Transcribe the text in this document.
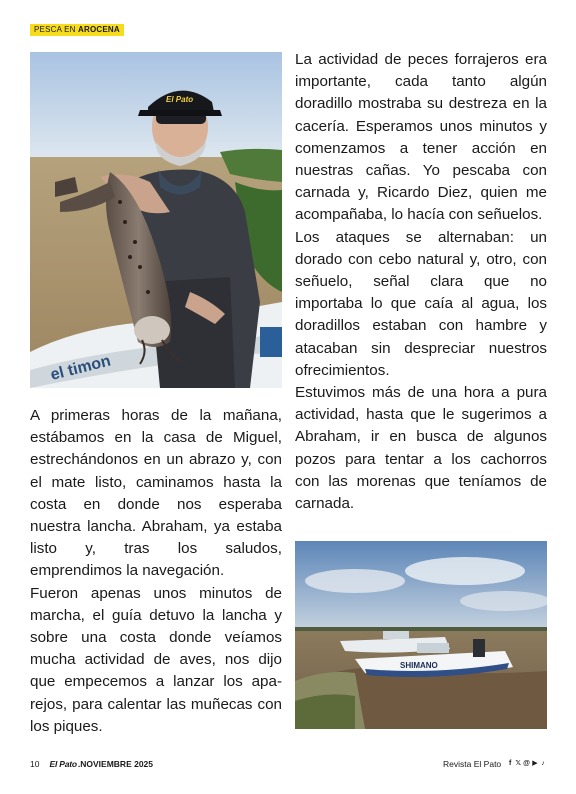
PESCA EN AROCENA
el timon
El Pato

A primeras horas de la mañana, estábamos en la casa de Miguel, estrechándonos en un abrazo y, con el mate listo, caminamos hasta la costa en donde nos esperaba nuestra lancha. Abraham, ya estaba listo y, tras los saludos, emprendimos la navegación.

Fueron apenas unos minutos de marcha, el guía detuvo la lancha y sobre una costa donde veíamos mucha actividad de aves, nos dijo que empecemos a lanzar los aparejos, para calentar las muñecas con los piques.

La actividad de peces forrajeros era importante, cada tanto algún doradillo mostraba su destreza en la cacería. Esperamos unos minutos y comenzamos a tener acción en nuestras cañas. Yo pescaba con carnada y, Ricardo Diez, quien me acompañaba, lo hacía con señuelos.

Los ataques se alternaban: un dorado con cebo natural y, otro, con señuelo, señal clara que no importaba lo que caía al agua, los doradillos estaban con hambre y atacaban sin despreciar nuestros ofrecimientos.

Estuvimos más de una hora a pura actividad, hasta que le sugerimos a Abraham, ir en busca de algunos pozos para tentar a los cachorros con las morenas que teníamos de carnada.

SHIMANO
10 El Pato .NOVIEMBRE 2025	Revista El Pato f 𝕏 @ ▶ ♪
